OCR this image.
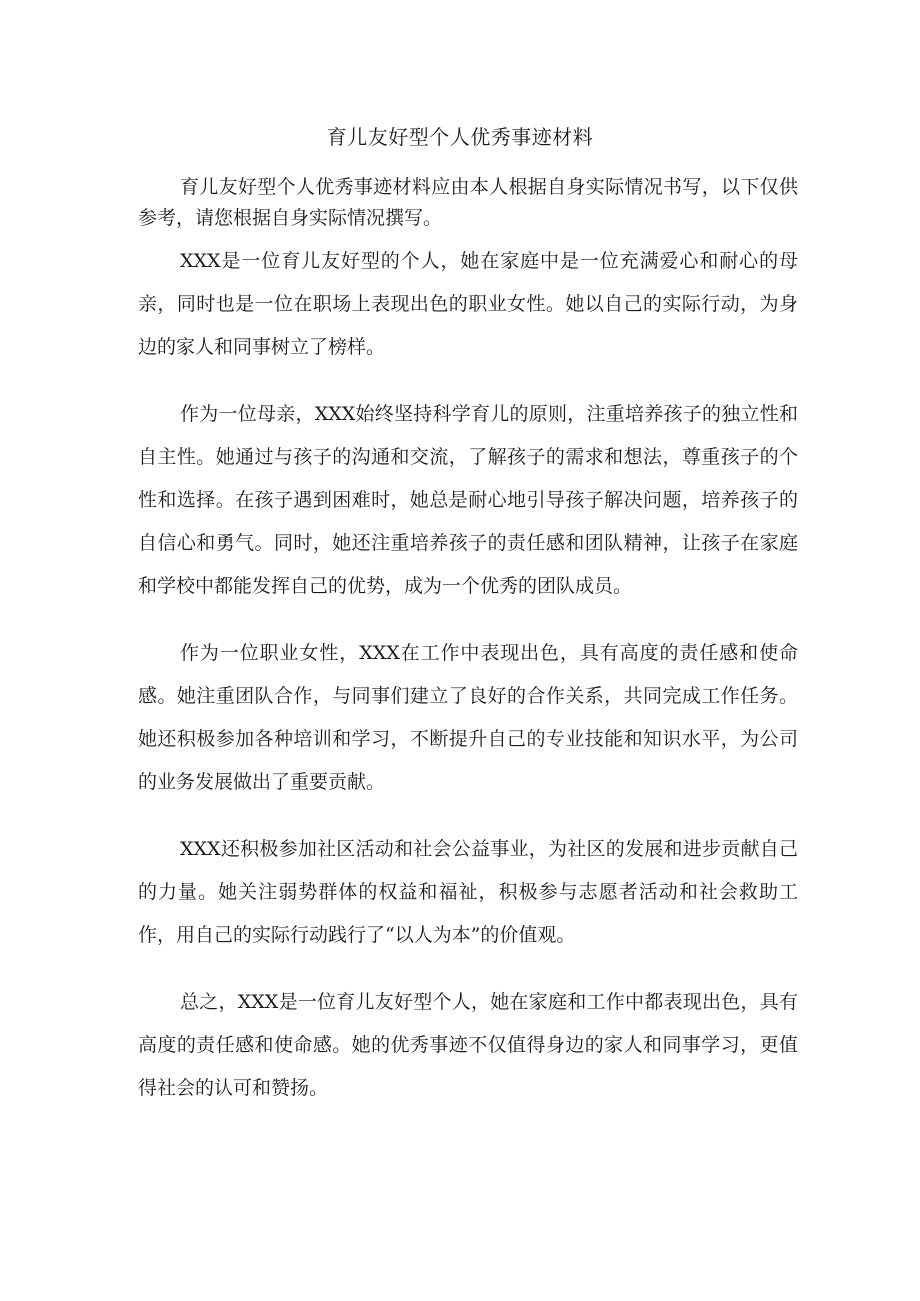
育儿友好型个人优秀事迹材料
育儿友好型个人优秀事迹材料应由本人根据自身实际情况书写，以下仅供参考，请您根据自身实际情况撰写。

XXX是一位育儿友好型的个人，她在家庭中是一位充满爱心和耐心的母亲，同时也是一位在职场上表现出色的职业女性。她以自己的实际行动，为身边的家人和同事树立了榜样。

作为一位母亲，XXX始终坚持科学育儿的原则，注重培养孩子的独立性和自主性。她通过与孩子的沟通和交流，了解孩子的需求和想法，尊重孩子的个性和选择。在孩子遇到困难时，她总是耐心地引导孩子解决问题，培养孩子的自信心和勇气。同时，她还注重培养孩子的责任感和团队精神，让孩子在家庭和学校中都能发挥自己的优势，成为一个优秀的团队成员。

作为一位职业女性，XXX在工作中表现出色，具有高度的责任感和使命感。她注重团队合作，与同事们建立了良好的合作关系，共同完成工作任务。她还积极参加各种培训和学习，不断提升自己的专业技能和知识水平，为公司的业务发展做出了重要贡献。

XXX还积极参加社区活动和社会公益事业，为社区的发展和进步贡献自己的力量。她关注弱势群体的权益和福祉，积极参与志愿者活动和社会救助工作，用自己的实际行动践行了“以人为本”的价值观。

总之，XXX是一位育儿友好型个人，她在家庭和工作中都表现出色，具有高度的责任感和使命感。她的优秀事迹不仅值得身边的家人和同事学习，更值得社会的认可和赞扬。
